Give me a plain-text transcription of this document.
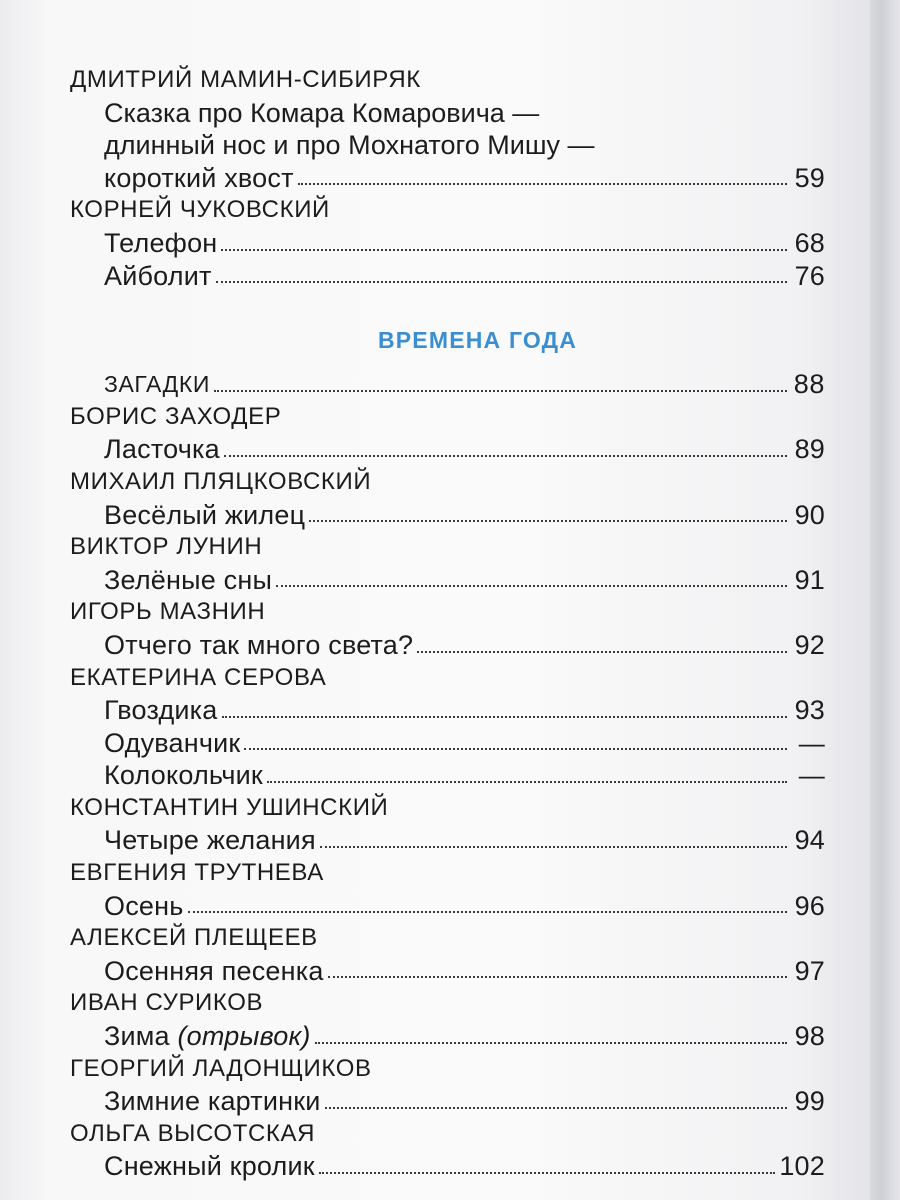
ДМИТРИЙ МАМИН-СИБИРЯК
Сказка про Комара Комаровича —
длинный нос и про Мохнатого Мишу —
короткий хвост	59
КОРНЕЙ ЧУКОВСКИЙ
Телефон	68
Айболит	76
ВРЕМЕНА ГОДА
ЗАГАДКИ	88
БОРИС ЗАХОДЕР
Ласточка	89
МИХАИЛ ПЛЯЦКОВСКИЙ
Весёлый жилец	90
ВИКТОР ЛУНИН
Зелёные сны	91
ИГОРЬ МАЗНИН
Отчего так много света?	92
ЕКАТЕРИНА СЕРОВА
Гвоздика	93
Одуванчик	—
Колокольчик	—
КОНСТАНТИН УШИНСКИЙ
Четыре желания	94
ЕВГЕНИЯ ТРУТНЕВА
Осень	96
АЛЕКСЕЙ ПЛЕЩЕЕВ
Осенняя песенка	97
ИВАН СУРИКОВ
Зима (отрывок)	98
ГЕОРГИЙ ЛАДОНЩИКОВ
Зимние картинки	99
ОЛЬГА ВЫСОТСКАЯ
Снежный кролик	102
